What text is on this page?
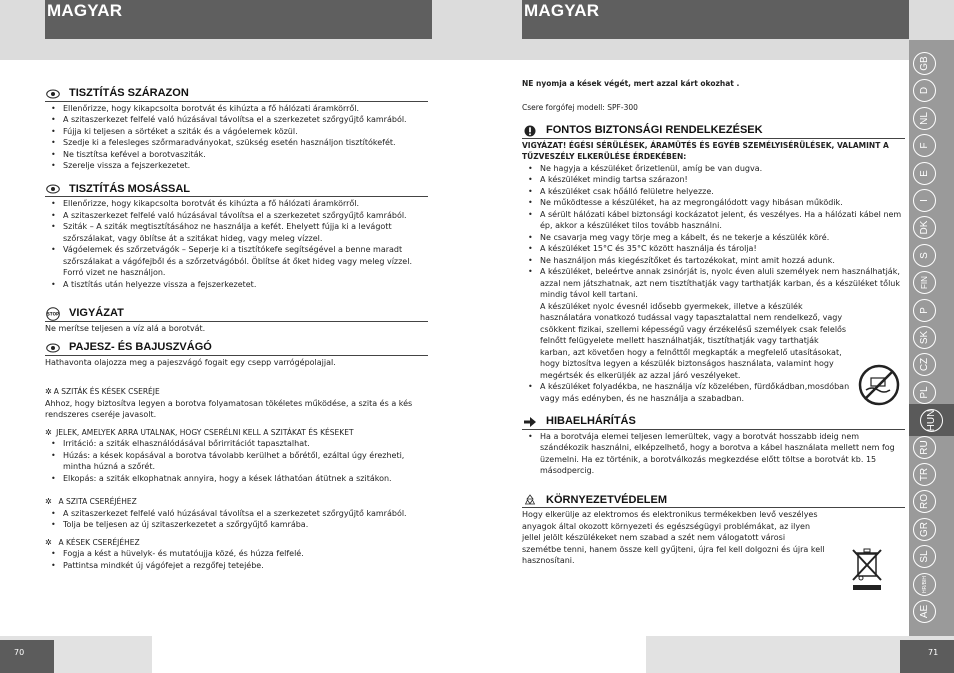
MAGYAR	MAGYAR
TISZTÍTÁS SZÁRAZON
• Ellenőrizze, hogy kikapcsolta borotvát és kihúzta a fő hálózati áramkörről.
• A szitaszerkezet felfelé való húzásával távolítsa el a szerkezetet szőrgyűjtő kamrából.
• Fújja ki teljesen a sörtéket a sziták és a vágóelemek közül.
• Szedje ki a felesleges szőrmaradványokat, szükség esetén használjon tisztítókefét.
• Ne tisztítsa kefével a borotvasziták.
• Szerelje vissza a fejszerkezetet.
TISZTÍTÁS MOSÁSSAL
• Ellenőrizze, hogy kikapcsolta borotvát és kihúzta a fő hálózati áramkörről.
• A szitaszerkezet felfelé való húzásával távolítsa el a szerkezetet szőrgyűjtő kamrából.
• Sziták – A sziták megtisztításához ne használja a kefét. Ehelyett fújja ki a levágott szőrszálakat, vagy öblítse át a szitákat hideg, vagy meleg vízzel.
• Vágóelemek és szőrzetvágók – Seperje ki a tisztítókefe segítségével a benne maradt szőrszálakat a vágófejből és a szőrzetvágóból. Öblítse át őket hideg vagy meleg vízzel. Forró vizet ne használjon.
• A tisztítás után helyezze vissza a fejszerkezetet.
STOP VIGYÁZAT
Ne merítse teljesen a víz alá a borotvát.
PAJESZ- ÉS BAJUSZVÁGÓ
Hathavonta olajozza meg a pajeszvágó fogait egy csepp varrógépolajjal.
✲ A SZITÁK ÉS KÉSEK CSERÉJE
Ahhoz, hogy biztosítva legyen a borotva folyamatosan tökéletes működése, a szita és a kés rendszeres cseréje javasolt.
✲ JELEK, AMELYEK ARRA UTALNAK, HOGY CSERÉLNI KELL A SZITÁKAT ÉS KÉSEKET
• Irritáció: a sziták elhasználódásával bőrirritációt tapasztalhat.
• Húzás: a kések kopásával a borotva távolabb kerülhet a bőrétől, ezáltal úgy érezheti, mintha húzná a szőrét.
• Elkopás: a sziták elkophatnak annyira, hogy a kések láthatóan átütnek a szitákon.
✲ A SZITA CSERÉJÉHEZ
• A szitaszerkezet felfelé való húzásával távolítsa el a szerkezetet szőrgyűjtő kamrából.
• Tolja be teljesen az új szitaszerkezetet a szőrgyűjtő kamrába.
✲ A KÉSEK CSERÉJÉHEZ
• Fogja a kést a hüvelyk- és mutatóujja közé, és húzza felfelé.
• Pattintsa mindkét új vágófejet a rezgőfej tetejébe.
NE nyomja a kések végét, mert azzal kárt okozhat .
Csere forgófej modell: SPF-300
FONTOS BIZTONSÁGI RENDELKEZÉSEK
VIGYÁZAT! ÉGÉSI SÉRÜLÉSEK, ÁRAMÜTÉS ÉS EGYÉB SZEMÉLYISÉRÜLÉSEK, VALAMINT A TŰZVESZÉLY ELKERÜLÉSE ÉRDEKÉBEN:
• Ne hagyja a készüléket őrizetlenül, amíg be van dugva.
• A készüléket mindig tartsa szárazon!
• A készüléket csak hőálló felületre helyezze.
• Ne működtesse a készüléket, ha az megrongálódott vagy hibásan működik.
• A sérült hálózati kábel biztonsági kockázatot jelent, és veszélyes. Ha a hálózati kábel nem ép, akkor a készüléket tilos tovább használni.
• Ne csavarja meg vagy törje meg a kábelt, és ne tekerje a készülék köré.
• A készüléket 15°C és 35°C között használja és tárolja!
• Ne használjon más kiegészítőket és tartozékokat, mint amit hozzá adunk.
• A készüléket, beleértve annak zsinórját is, nyolc éven aluli személyek nem használhatják, azzal nem játszhatnak, azt nem tisztíthatják vagy tarthatják karban, és a készüléket tőluk mindig távol kell tartani.
A készüléket nyolc évesnél idősebb gyermekek, illetve a készülék használatára vonatkozó tudással vagy tapasztalattal nem rendelkező, vagy csökkent fizikai, szellemi képességű vagy érzékelésű személyek csak felelős felnőtt felügyelete mellett használhatják, tisztíthatják vagy tarthatják karban, azt követően hogy a felnőttől megkapták a megfelelő utasításokat, hogy biztosítva legyen a készülék biztonságos használata, valamint hogy megértsék és elkerüljék az azzal járó veszélyeket.
• A készüléket folyadékba, ne használja víz közelében, fürdőkádban,mosdóban vagy más edényben, és ne használja a szabadban.
HIBAELHÁRÍTÁS
• Ha a borotvája elemei teljesen lemerültek, vagy a borotvát hosszabb ideig nem szándékozik használni, elképzelhető, hogy a borotva a kábel használata mellett nem fog üzemelni. Ha ez történik, a borotválkozás megkezdése előtt töltse a borotvát kb. 15 másodpercig.
KÖRNYEZETVÉDELEM
Hogy elkerülje az elektromos és elektronikus termékekben levő veszélyes anyagok által okozott környezeti és egészségügyi problémákat, az ilyen jellel jelölt készülékeket nem szabad a szét nem válogatott városi szemétbe tenni, hanem össze kell gyűjteni, újra fel kell dolgozni és újra kell hasznosítani.
GB
D
NL
F
E
I
DK
S
FIN
P
SK
CZ
PL
HUN
RU
TR
RO
GR
SL
HR/BIH
AE
70	71
